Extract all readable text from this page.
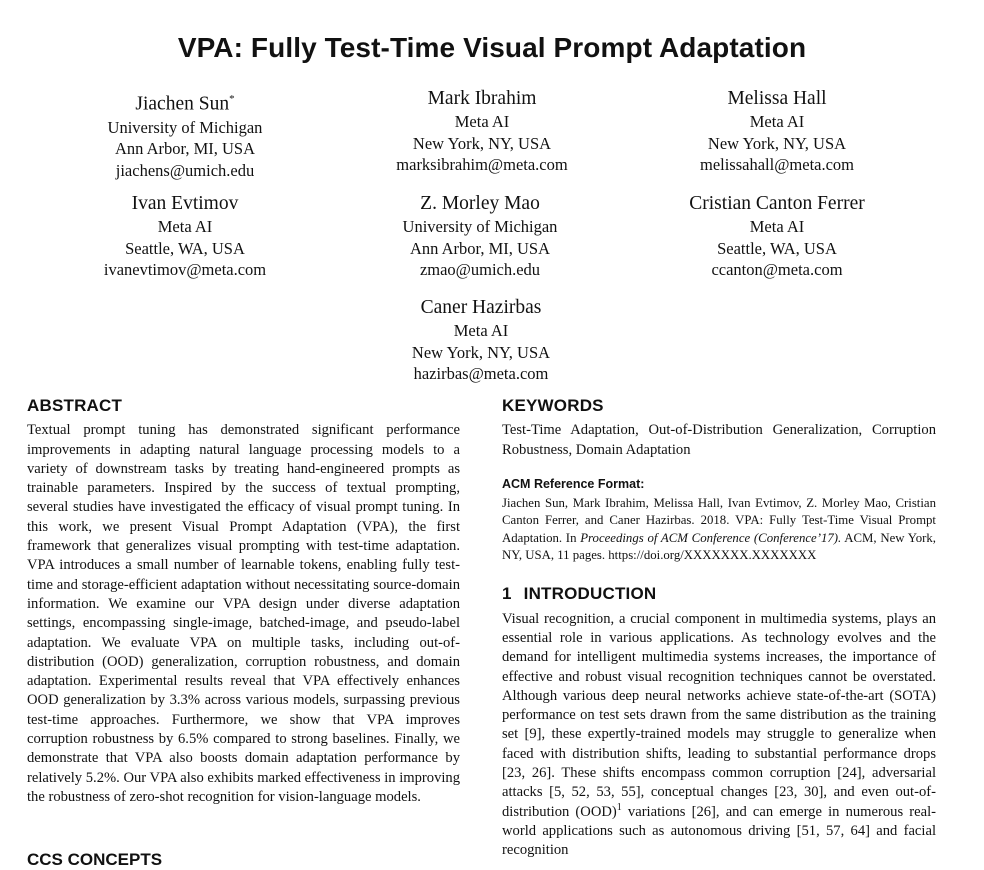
VPA: Fully Test-Time Visual Prompt Adaptation
Jiachen Sun*
University of Michigan
Ann Arbor, MI, USA
jiachens@umich.edu
Mark Ibrahim
Meta AI
New York, NY, USA
marksibrahim@meta.com
Melissa Hall
Meta AI
New York, NY, USA
melissahall@meta.com
Ivan Evtimov
Meta AI
Seattle, WA, USA
ivanevtimov@meta.com
Z. Morley Mao
University of Michigan
Ann Arbor, MI, USA
zmao@umich.edu
Cristian Canton Ferrer
Meta AI
Seattle, WA, USA
ccanton@meta.com
Caner Hazirbas
Meta AI
New York, NY, USA
hazirbas@meta.com
ABSTRACT

Textual prompt tuning has demonstrated significant performance improvements in adapting natural language processing models to a variety of downstream tasks by treating hand-engineered prompts as trainable parameters. Inspired by the success of textual prompting, several studies have investigated the efficacy of visual prompt tuning. In this work, we present Visual Prompt Adaptation (VPA), the first framework that generalizes visual prompting with test-time adaptation. VPA introduces a small number of learnable tokens, enabling fully test-time and storage-efficient adaptation without necessitating source-domain information. We examine our VPA design under diverse adaptation settings, encompassing single-image, batched-image, and pseudo-label adaptation. We evaluate VPA on multiple tasks, including out-of-distribution (OOD) generalization, corruption robustness, and domain adaptation. Experimental results reveal that VPA effectively enhances OOD generalization by 3.3% across various models, surpassing previous test-time approaches. Furthermore, we show that VPA improves corruption robustness by 6.5% compared to strong baselines. Finally, we demonstrate that VPA also boosts domain adaptation performance by relatively 5.2%. Our VPA also exhibits marked effectiveness in improving the robustness of zero-shot recognition for vision-language models.

CCS CONCEPTS
KEYWORDS

Test-Time Adaptation, Out-of-Distribution Generalization, Corruption Robustness, Domain Adaptation

ACM Reference Format:

Jiachen Sun, Mark Ibrahim, Melissa Hall, Ivan Evtimov, Z. Morley Mao, Cristian Canton Ferrer, and Caner Hazirbas. 2018. VPA: Fully Test-Time Visual Prompt Adaptation. In Proceedings of ACM Conference (Conference’17). ACM, New York, NY, USA, 11 pages. https://doi.org/XXXXXXX.XXXXXXX

1 INTRODUCTION

Visual recognition, a crucial component in multimedia systems, plays an essential role in various applications. As technology evolves and the demand for intelligent multimedia systems increases, the importance of effective and robust visual recognition techniques cannot be overstated. Although various deep neural networks achieve state-of-the-art (SOTA) performance on test sets drawn from the same distribution as the training set [9], these expertly-trained models may struggle to generalize when faced with distribution shifts, leading to substantial performance drops [23, 26]. These shifts encompass common corruption [24], adversarial attacks [5, 52, 53, 55], conceptual changes [23, 30], and even out-of-distribution (OOD)$^1$ variations [26], and can emerge in numerous real-world applications such as autonomous driving [51, 57, 64] and facial recognition
